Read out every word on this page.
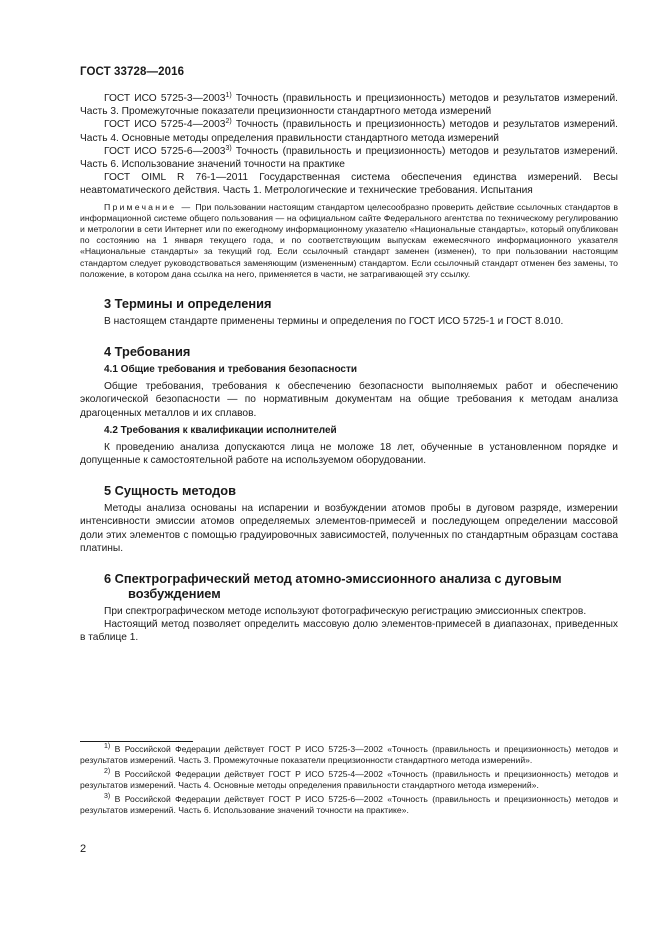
ГОСТ 33728—2016

ГОСТ ИСО 5725-3—2003$^{1)}$ Точность (правильность и прецизионность) методов и результатов измерений. Часть 3. Промежуточные показатели прецизионности стандартного метода измерений

ГОСТ ИСО 5725-4—2003$^{2)}$ Точность (правильность и прецизионность) методов и результатов измерений. Часть 4. Основные методы определения правильности стандартного метода измерений

ГОСТ ИСО 5725-6—2003$^{3)}$ Точность (правильность и прецизионность) методов и результатов измерений. Часть 6. Использование значений точности на практике

ГОСТ OIML R 76-1—2011 Государственная система обеспечения единства измерений. Весы неавтоматического действия. Часть 1. Метрологические и технические требования. Испытания

Примечание — При пользовании настоящим стандартом целесообразно проверить действие ссылочных стандартов в информационной системе общего пользования — на официальном сайте Федерального агентства по техническому регулированию и метрологии в сети Интернет или по ежегодному информационному указателю «Национальные стандарты», который опубликован по состоянию на 1 января текущего года, и по соответствующим выпускам ежемесячного информационного указателя «Национальные стандарты» за текущий год. Если ссылочный стандарт заменен (изменен), то при пользовании настоящим стандартом следует руководствоваться заменяющим (измененным) стандартом. Если ссылочный стандарт отменен без замены, то положение, в котором дана ссылка на него, применяется в части, не затрагивающей эту ссылку.

3 Термины и определения

В настоящем стандарте применены термины и определения по ГОСТ ИСО 5725-1 и ГОСТ 8.010.

4 Требования
4.1 Общие требования и требования безопасности

Общие требования, требования к обеспечению безопасности выполняемых работ и обеспечению экологической безопасности — по нормативным документам на общие требования к методам анализа драгоценных металлов и их сплавов.

4.2 Требования к квалификации исполнителей

К проведению анализа допускаются лица не моложе 18 лет, обученные в установленном порядке и допущенные к самостоятельной работе на используемом оборудовании.

5 Сущность методов

Методы анализа основаны на испарении и возбуждении атомов пробы в дуговом разряде, измерении интенсивности эмиссии атомов определяемых элементов-примесей и последующем определении массовой доли этих элементов с помощью градуировочных зависимостей, полученных по стандартным образцам состава платины.

6 Спектрографический метод атомно-эмиссионного анализа с дуговым возбуждением

При спектрографическом методе используют фотографическую регистрацию эмиссионных спектров.

Настоящий метод позволяет определить массовую долю элементов-примесей в диапазонах, приведенных в таблице 1.

$^{1)}$ В Российской Федерации действует ГОСТ Р ИСО 5725-3—2002 «Точность (правильность и прецизионность) методов и результатов измерений. Часть 3. Промежуточные показатели прецизионности стандартного метода измерений».

$^{2)}$ В Российской Федерации действует ГОСТ Р ИСО 5725-4—2002 «Точность (правильность и прецизионность) методов и результатов измерений. Часть 4. Основные методы определения правильности стандартного метода измерений».

$^{3)}$ В Российской Федерации действует ГОСТ Р ИСО 5725-6—2002 «Точность (правильность и прецизионность) методов и результатов измерений. Часть 6. Использование значений точности на практике».

2
